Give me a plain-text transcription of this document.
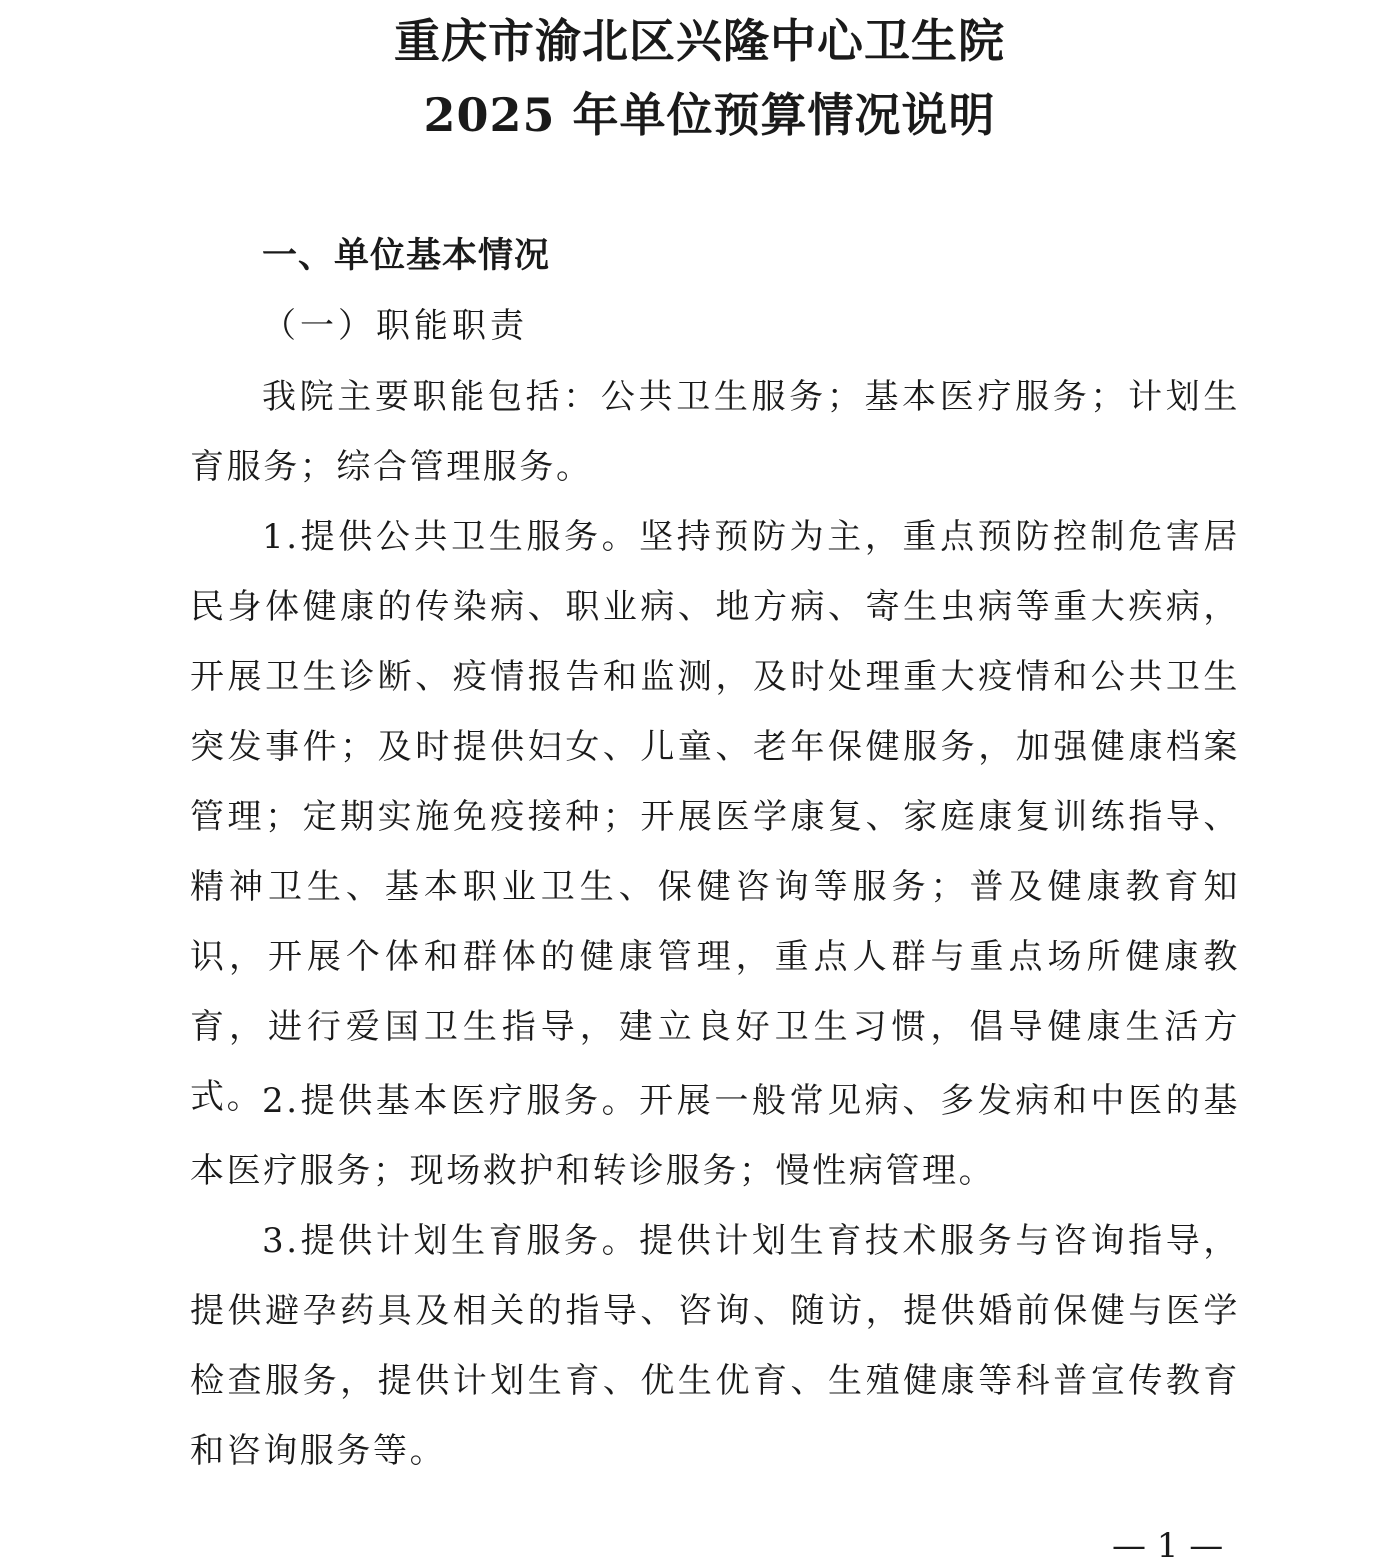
重庆市渝北区兴隆中心卫生院
2025 年单位预算情况说明
一、单位基本情况
（一）职能职责

我院主要职能包括：公共卫生服务；基本医疗服务；计划生育服务；综合管理服务。

1.提供公共卫生服务。坚持预防为主，重点预防控制危害居民身体健康的传染病、职业病、地方病、寄生虫病等重大疾病，开展卫生诊断、疫情报告和监测，及时处理重大疫情和公共卫生突发事件；及时提供妇女、儿童、老年保健服务，加强健康档案管理；定期实施免疫接种；开展医学康复、家庭康复训练指导、精神卫生、基本职业卫生、保健咨询等服务；普及健康教育知识，开展个体和群体的健康管理，重点人群与重点场所健康教育，进行爱国卫生指导，建立良好卫生习惯，倡导健康生活方式。

2.提供基本医疗服务。开展一般常见病、多发病和中医的基本医疗服务；现场救护和转诊服务；慢性病管理。

3.提供计划生育服务。提供计划生育技术服务与咨询指导，提供避孕药具及相关的指导、咨询、随访，提供婚前保健与医学检查服务，提供计划生育、优生优育、生殖健康等科普宣传教育和咨询服务等。

— 1 —
